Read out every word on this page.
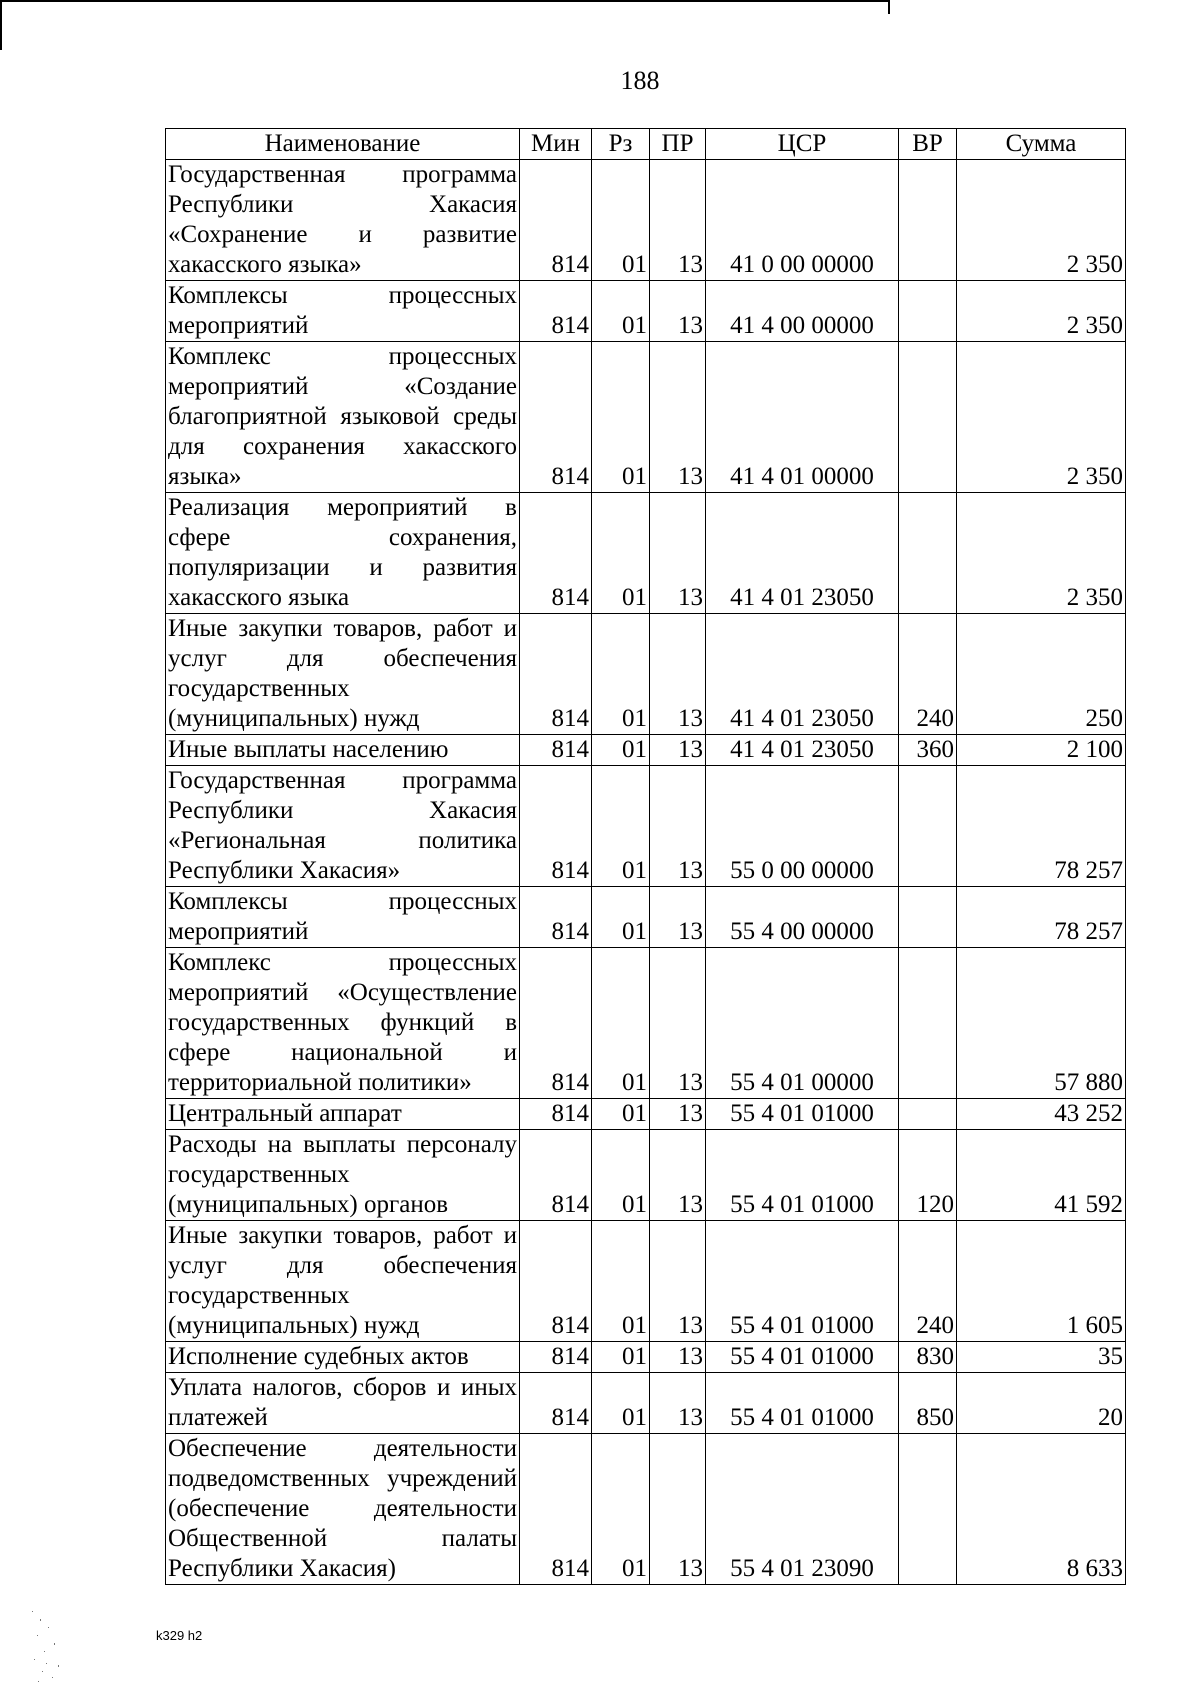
188
Наименование	Мин	Рз	ПР	ЦСР	ВР	Сумма
Государственная программа Республики Хакасия «Сохранение и развитие хакасского языка»	814	01	13	41 0 00 00000		2 350
Комплексы процессных мероприятий	814	01	13	41 4 00 00000		2 350
Комплекс процессных мероприятий «Создание благоприятной языковой среды для сохранения хакасского языка»	814	01	13	41 4 01 00000		2 350
Реализация мероприятий в сфере сохранения, популяризации и развития хакасского языка	814	01	13	41 4 01 23050		2 350
Иные закупки товаров, работ и услуг для обеспечения государственных (муниципальных) нужд	814	01	13	41 4 01 23050	240	250
Иные выплаты населению	814	01	13	41 4 01 23050	360	2 100
Государственная программа Республики Хакасия «Региональная политика Республики Хакасия»	814	01	13	55 0 00 00000		78 257
Комплексы процессных мероприятий	814	01	13	55 4 00 00000		78 257
Комплекс процессных мероприятий «Осуществление государственных функций в сфере национальной и территориальной политики»	814	01	13	55 4 01 00000		57 880
Центральный аппарат	814	01	13	55 4 01 01000		43 252
Расходы на выплаты персоналу государственных (муниципальных) органов	814	01	13	55 4 01 01000	120	41 592
Иные закупки товаров, работ и услуг для обеспечения государственных (муниципальных) нужд	814	01	13	55 4 01 01000	240	1 605
Исполнение судебных актов	814	01	13	55 4 01 01000	830	35
Уплата налогов, сборов и иных платежей	814	01	13	55 4 01 01000	850	20
Обеспечение деятельности подведомственных учреждений (обеспечение деятельности Общественной палаты Республики Хакасия)	814	01	13	55 4 01 23090		8 633
k329 h2
